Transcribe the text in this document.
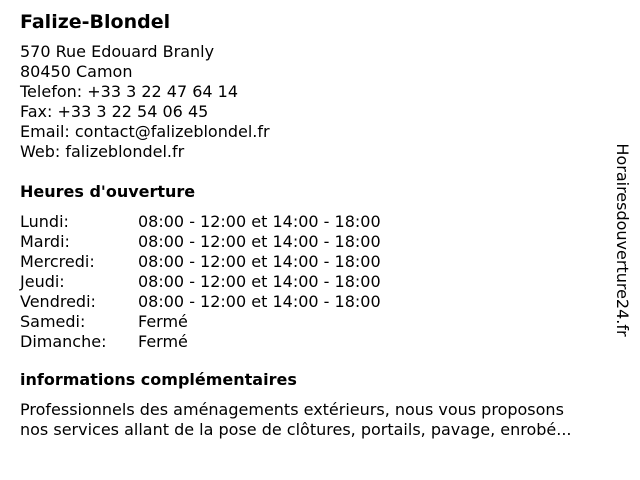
Falize-Blondel
570 Rue Edouard Branly
80450 Camon
Telefon: +33 3 22 47 64 14
Fax: +33 3 22 54 06 45
Email: contact@falizeblondel.fr
Web: falizeblondel.fr
Heures d'ouverture
Lundi:	08:00 - 12:00 et 14:00 - 18:00
Mardi:	08:00 - 12:00 et 14:00 - 18:00
Mercredi:	08:00 - 12:00 et 14:00 - 18:00
Jeudi:	08:00 - 12:00 et 14:00 - 18:00
Vendredi:	08:00 - 12:00 et 14:00 - 18:00
Samedi:	Fermé
Dimanche:	Fermé
informations complémentaires
Professionnels des aménagements extérieurs, nous vous proposons
nos services allant de la pose de clôtures, portails, pavage, enrobé...
Horairesdouverture24.fr
